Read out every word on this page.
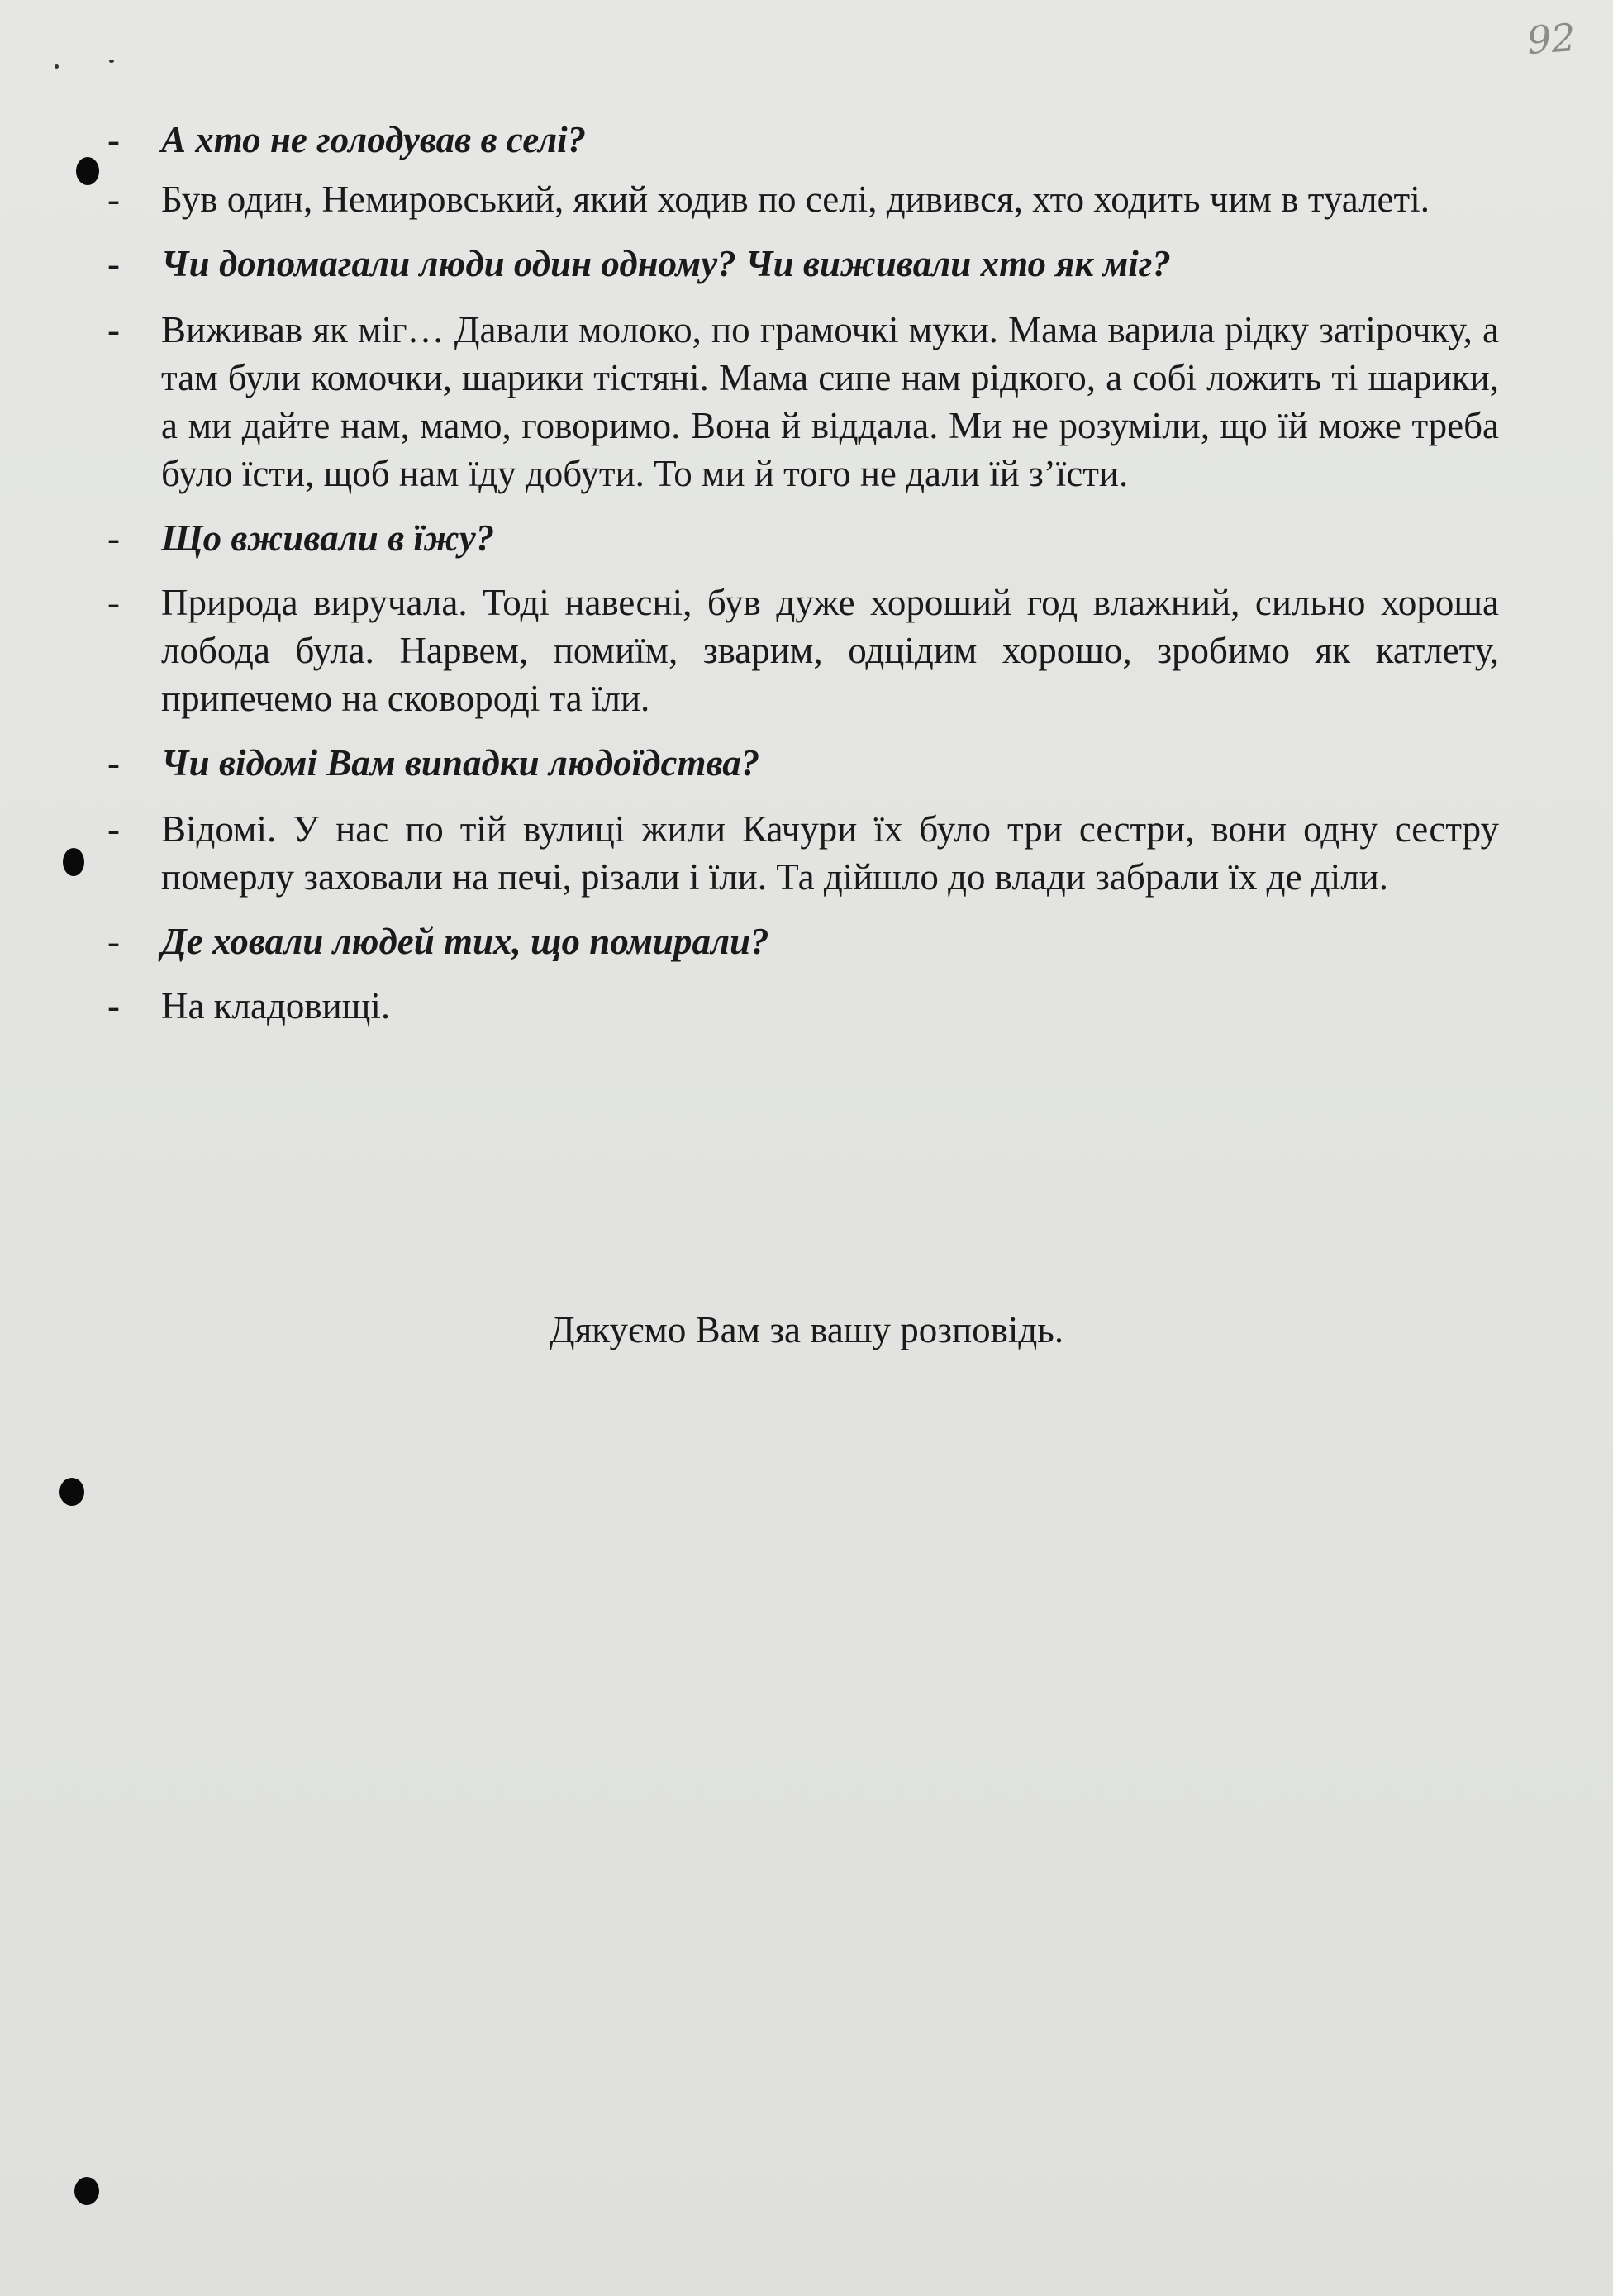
92
- А хто не голодував в селі?
- Був один, Немировський, який ходив по селі, дивився, хто ходить чим в туалеті.
- Чи допомагали люди один одному? Чи виживали хто як міг?
- Виживав як міг… Давали молоко, по грамочкі муки. Мама варила рідку затірочку, а там були комочки, шарики тістяні. Мама сипе нам рідкого, а собі ложить ті шарики, а ми дайте нам, мамо, говоримо. Вона й віддала. Ми не розуміли, що їй може треба було їсти, щоб нам їду добути. То ми й того не дали їй з’їсти.
- Що вживали в їжу?
- Природа виручала. Тоді навесні, був дуже хороший год влажний, сильно хороша лобода була. Нарвем, помиїм, зварим, одцідим хорошо, зробимо як катлету, припечемо на сковороді та їли.
- Чи відомі Вам випадки людоїдства?
- Відомі. У нас по тій вулиці жили Качури їх було три сестри, вони одну сестру померлу заховали на печі, різали і їли. Та дійшло до влади забрали їх де діли.
- Де ховали людей тих, що помирали?
- На кладовищі.
Дякуємо Вам за вашу розповідь.
